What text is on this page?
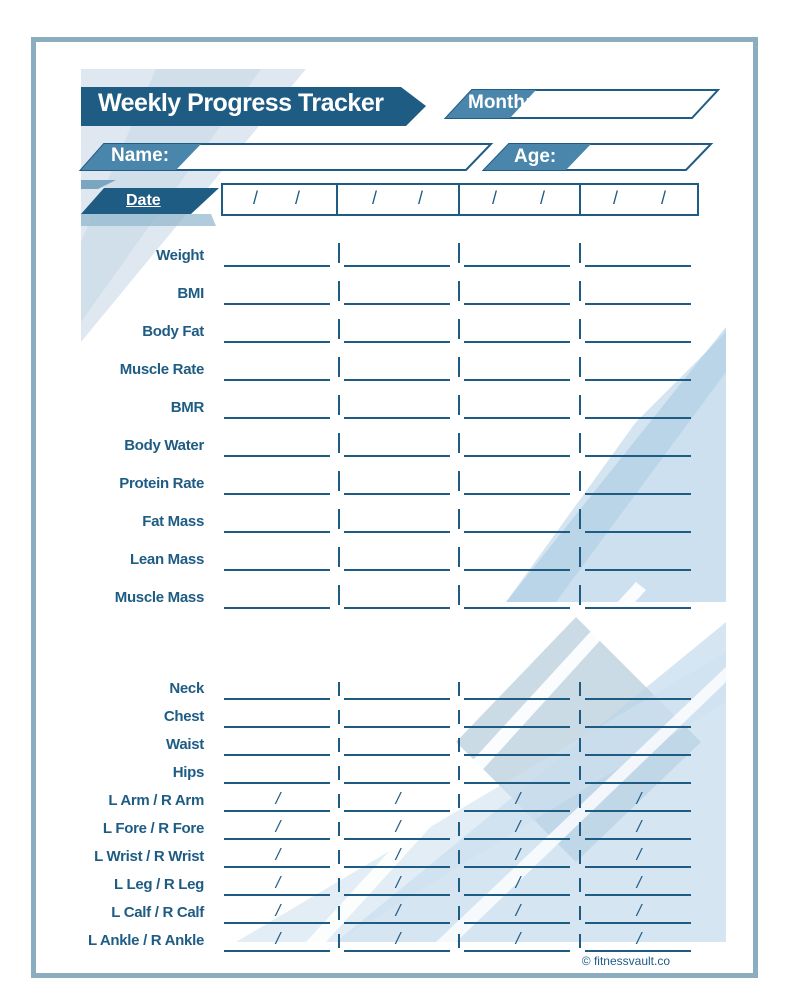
Weekly Progress Tracker	Month:
Name:	Age:
Date	/ /	/ /	/ /	/ /
Weight
BMI
Body Fat
Muscle Rate
BMR
Body Water
Protein Rate
Fat Mass
Lean Mass
Muscle Mass
Measurements
Neck
Chest
Waist
Hips
L Arm / R Arm	/	/	/	/
L Fore / R Fore	/	/	/	/
L Wrist / R Wrist	/	/	/	/
L Leg / R Leg	/	/	/	/
L Calf / R Calf	/	/	/	/
L Ankle / R Ankle	/	/	/	/
© fitnessvault.co
